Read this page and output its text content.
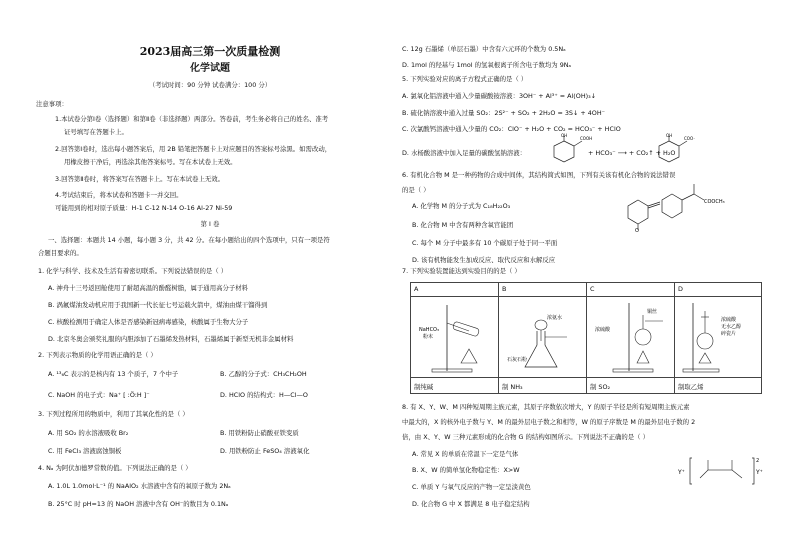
2023届高三第一次质量检测
化学试题
（考试时间：90 分钟 试卷满分：100 分）
注意事项：
1.本试卷分第Ⅰ卷（选择题）和第Ⅱ卷（非选择题）两部分。答卷前，考生务必将自己的姓名、准考
证号填写在答题卡上。
2.回答第Ⅰ卷时，选出每小题答案后，用 2B 铅笔把答题卡上对应题目的答案标号涂黑。如需改动，
用橡皮擦干净后，再选涂其他答案标号。写在本试卷上无效。
3.回答第Ⅱ卷时，将答案写在答题卡上。写在本试卷上无效。
4.考试结束后，将本试卷和答题卡一并交回。
可能用到的相对原子质量：H-1 C-12 N-14 O-16 Al-27 Ni-59
第 Ⅰ 卷
一、选择题：本题共 14 小题，每小题 3 分，共 42 分。在每小题给出的四个选项中，只有一项是符
合题目要求的。
1. 化学与科学、技术及生活有着密切联系。下列说法错误的是（ ）
A. 神舟十三号返回舱使用了耐超高温的酚醛树脂，属于通用高分子材料
B. 涡氟煤油发动机应用于我国新一代长征七号运载火箭中，煤油由煤干馏得到
C. 核酸检测用于确定人体是否感染新冠病毒感染，核酸属于生物大分子
D. 北京冬奥会颁奖礼服的内胆添加了石墨烯发热材料，石墨烯属于新型无机非金属材料
2. 下列表示物质的化学用语正确的是（ ）
A. ¹³₆C 表示的是核内有 13 个质子，7 个中子	B. 乙醇的分子式：CH₃CH₂OH
C. NaOH 的电子式：Na⁺ [ :Ö:H ]⁻	D. HClO 的结构式：H—Cl—O
3. 下列过程所用的物质中，利用了其氧化性的是（ ）
A. 用 SO₂ 的水溶液吸收 Br₂	B. 用铁粉防止硝酸亚铁变质
C. 用 FeCl₃ 溶液腐蚀铜板	D. 用铁粉防止 FeSO₄ 溶液氧化
4. Nₐ 为阿伏加德罗常数的值。下列说法正确的是（ ）
A. 1.0L 1.0mol·L⁻¹ 的 NaAlO₂ 水溶液中含有的氧原子数为 2Nₐ
B. 25°C 时 pH=13 的 NaOH 溶液中含有 OH⁻的数目为 0.1Nₐ
C. 12g 石墨烯（单层石墨）中含有六元环的个数为 0.5Nₐ
D. 1mol 的羟基与 1mol 的氢氧根离子所含电子数均为 9Nₐ
5. 下列实验对应的离子方程式正确的是（ ）
A. 氯氧化铝溶液中通入少量碳酸铵溶液：3OH⁻ + Al³⁺ = Al(OH)₃↓
B. 硫化钠溶液中通入过量 SO₂：2S²⁻ + SO₂ + 2H₂O = 3S↓ + 4OH⁻
C. 次氯酸钙溶液中通入少量的 CO₂：ClO⁻ + H₂O + CO₂ = HCO₃⁻ + HClO
D. 水杨酸溶液中加入足量的碳酸氢钠溶液：
COOH
OH
+ HCO₃⁻ ⟶ + CO₂↑ + H₂O
COO⁻
OH
6. 有机化合物 M 是一种药物的合成中间体，其结构简式如图，下列有关该有机化合物的说法错误
的是（ ）
A. 化学物 M 的分子式为 C₁₈H₂₂O₃
B. 化合物 M 中含有两种含氧官能团
C. 每个 M 分子中最多有 10 个碳原子处于同一平面
D. 该有机物能发生加成反应、取代反应和水解反应
O
COOCH₃
7. 下列实验装置能达到实验目的的是（ ）
A
NaHCO₃
粉末
制纯碱
B
浓氨水
石灰石粉
制 NH₃
C
铜丝
浓硫酸
制 SO₂
D
浓硫酸
无水乙醇
碎瓷片
制取乙烯
8. 有 X、Y、W、M 四种短周期主族元素，其原子序数依次增大，Y 的原子半径是所有短周期主族元素
中最大的，X 的核外电子数与 Y、M 的最外层电子数之和相等，W 的原子序数是 M 的最外层电子数的 2
倍，由 X、Y、W 三种元素形成的化合物 G 的结构如图所示。下列说法不正确的是（ ）
A. 常见 X 的单质在常温下一定是气体
B. X、W 的简单氢化物稳定性：X>W
C. 单质 Y 与氧气反应的产物一定呈淡黄色
D. 化合物 G 中 X 都满足 8 电子稳定结构
Y⁺
2
Y⁺
